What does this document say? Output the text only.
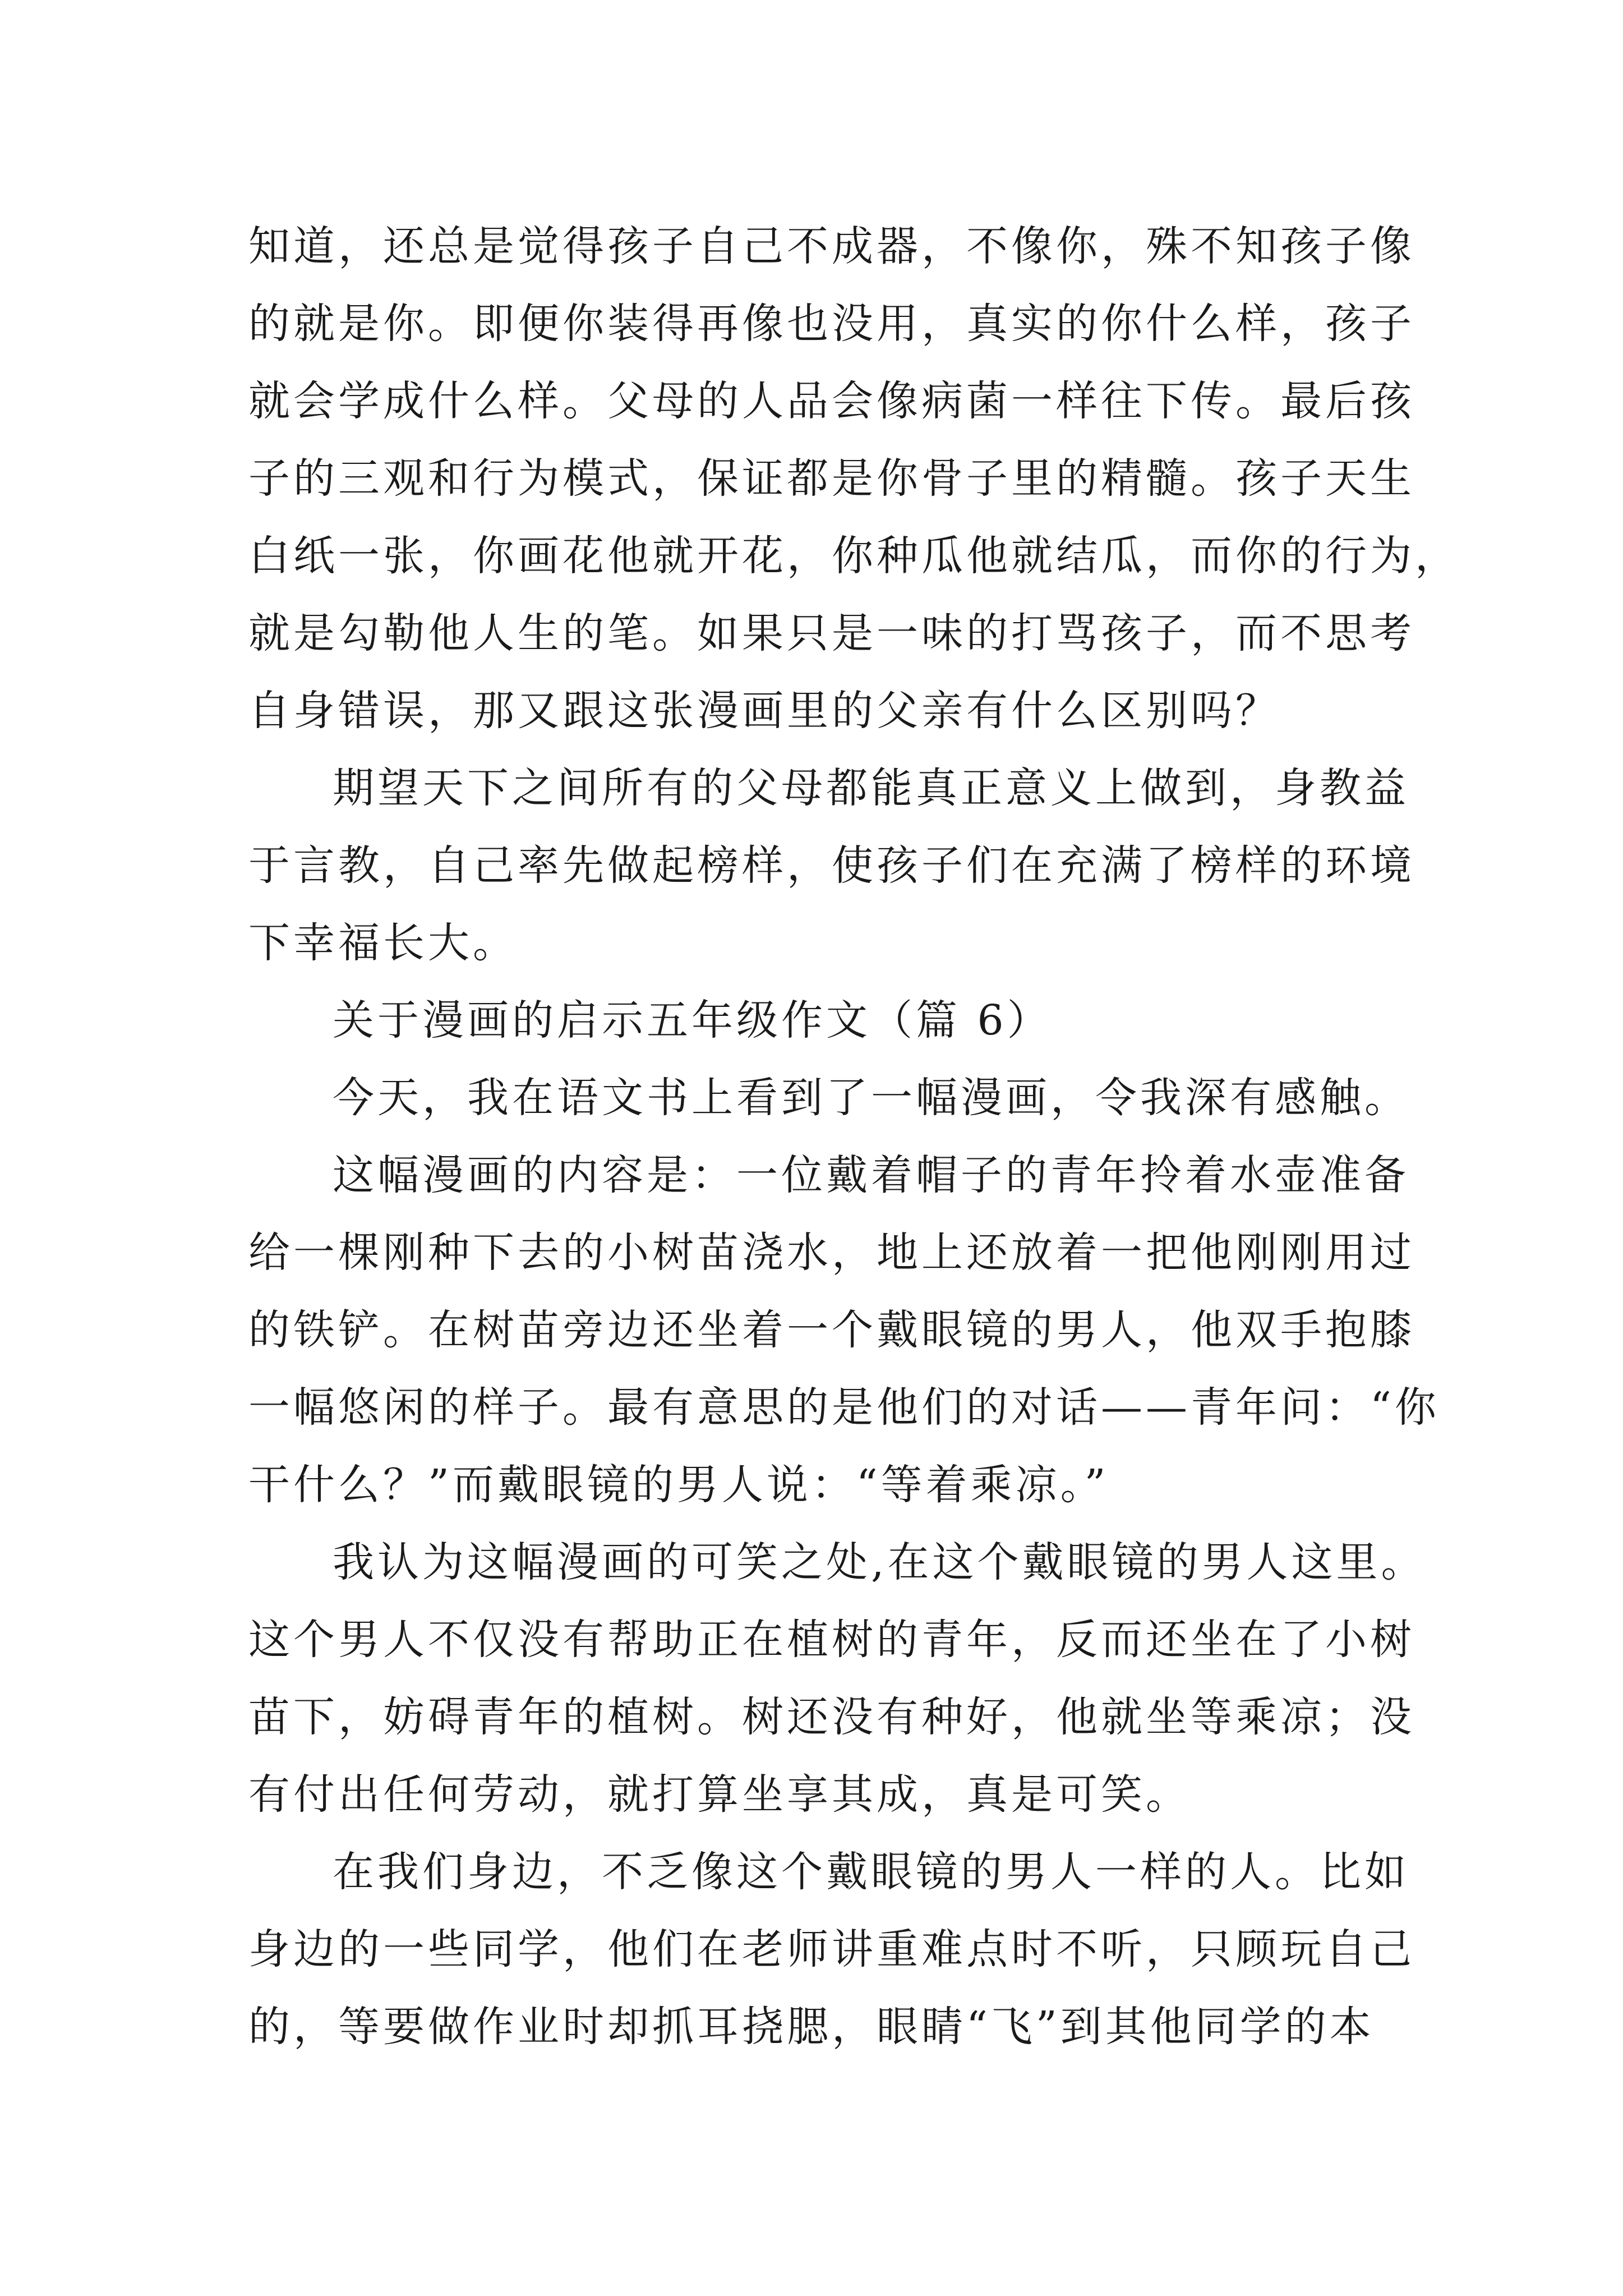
知道，还总是觉得孩子自己不成器，不像你，殊不知孩子像

的就是你。即便你装得再像也没用，真实的你什么样，孩子

就会学成什么样。父母的人品会像病菌一样往下传。最后孩

子的三观和行为模式，保证都是你骨子里的精髓。孩子天生

白纸一张，你画花他就开花，你种瓜他就结瓜，而你的行为，

就是勾勒他人生的笔。如果只是一味的打骂孩子，而不思考

自身错误，那又跟这张漫画里的父亲有什么区别吗？

期望天下之间所有的父母都能真正意义上做到，身教益

于言教，自己率先做起榜样，使孩子们在充满了榜样的环境

下幸福长大。

关于漫画的启示五年级作文（篇 6）

今天，我在语文书上看到了一幅漫画，令我深有感触。

这幅漫画的内容是：一位戴着帽子的青年拎着水壶准备

给一棵刚种下去的小树苗浇水，地上还放着一把他刚刚用过

的铁铲。在树苗旁边还坐着一个戴眼镜的男人，他双手抱膝

一幅悠闲的样子。最有意思的是他们的对话——青年问：“你

干什么？”而戴眼镜的男人说：“等着乘凉。”

我认为这幅漫画的可笑之处,在这个戴眼镜的男人这里。

这个男人不仅没有帮助正在植树的青年，反而还坐在了小树

苗下，妨碍青年的植树。树还没有种好，他就坐等乘凉；没

有付出任何劳动，就打算坐享其成，真是可笑。

在我们身边，不乏像这个戴眼镜的男人一样的人。比如

身边的一些同学，他们在老师讲重难点时不听，只顾玩自己

的，等要做作业时却抓耳挠腮，眼睛“飞”到其他同学的本
